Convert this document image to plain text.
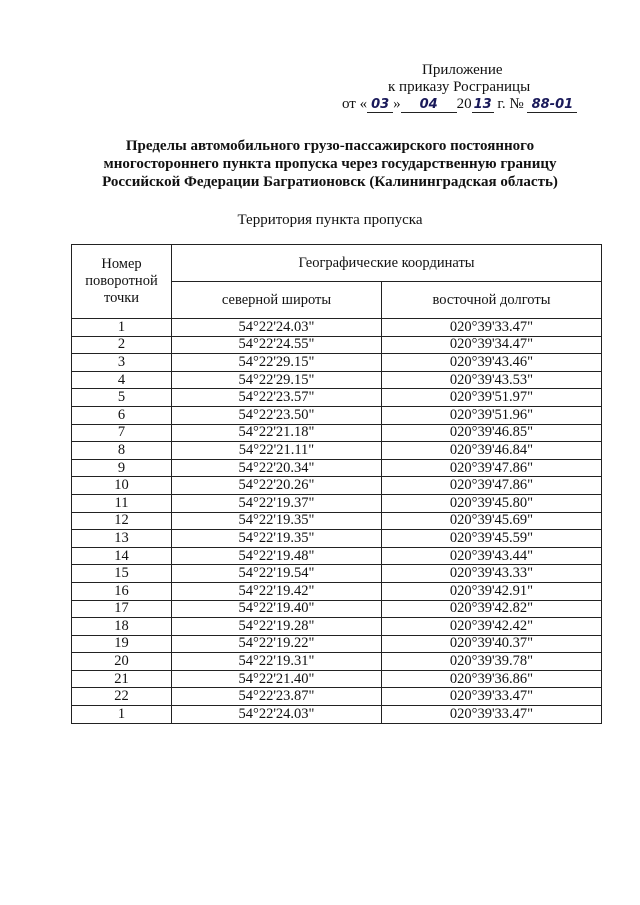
Приложение
к приказу Росграницы
от « 03 » 04 20 13 г. № 88-01
Пределы автомобильного грузо-пассажирского постоянного
многостороннего пункта пропуска через государственную границу
Российской Федерации Багратионовск (Калининградская область)
Территория пункта пропуска
Номер поворотной точки	Географические координаты	
	северной широты	восточной долготы
1	54°22'24.03"	020°39'33.47"
2	54°22'24.55"	020°39'34.47"
3	54°22'29.15"	020°39'43.46"
4	54°22'29.15"	020°39'43.53"
5	54°22'23.57"	020°39'51.97"
6	54°22'23.50"	020°39'51.96"
7	54°22'21.18"	020°39'46.85"
8	54°22'21.11"	020°39'46.84"
9	54°22'20.34"	020°39'47.86"
10	54°22'20.26"	020°39'47.86"
11	54°22'19.37"	020°39'45.80"
12	54°22'19.35"	020°39'45.69"
13	54°22'19.35"	020°39'45.59"
14	54°22'19.48"	020°39'43.44"
15	54°22'19.54"	020°39'43.33"
16	54°22'19.42"	020°39'42.91"
17	54°22'19.40"	020°39'42.82"
18	54°22'19.28"	020°39'42.42"
19	54°22'19.22"	020°39'40.37"
20	54°22'19.31"	020°39'39.78"
21	54°22'21.40"	020°39'36.86"
22	54°22'23.87"	020°39'33.47"
1	54°22'24.03"	020°39'33.47"
